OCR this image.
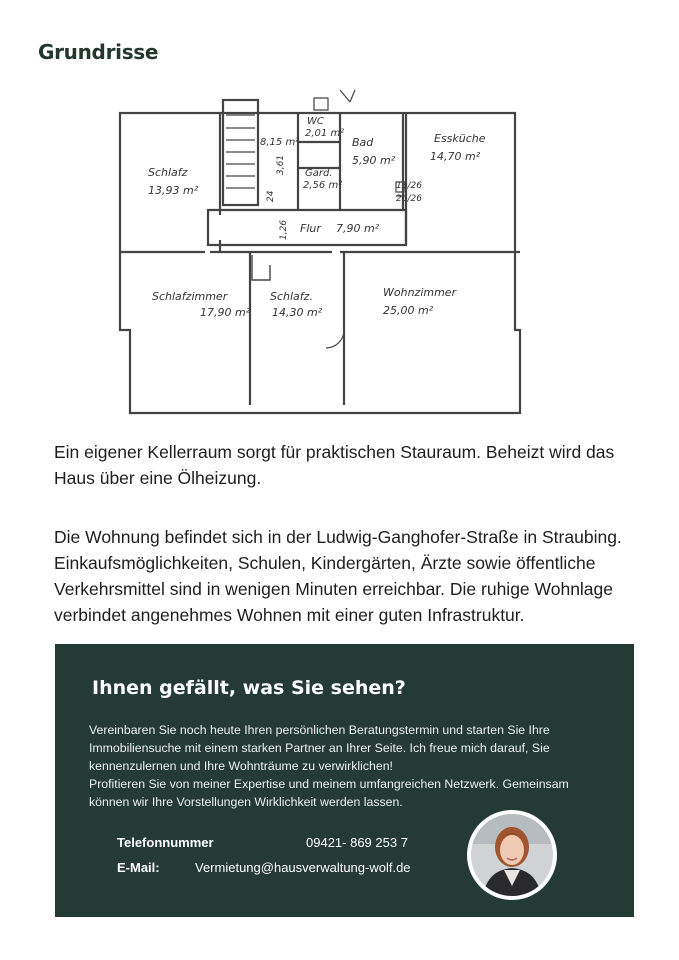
Grundrisse
Schlafz
13,93 m²
8,15 m²
WC
2,01 m²
Gard.
2,56 m²
Bad
5,90 m²
Essküche
14,70 m²
Flur 7,90 m²
Schlafzimmer
17,90 m²
Schlafz.
14,30 m²
Wohnzimmer
25,00 m²
3,61
24
1,26
13/26
26/26

Ein eigener Kellerraum sorgt für praktischen Stauraum. Beheizt wird das Haus über eine Ölheizung.

Die Wohnung befindet sich in der Ludwig-Ganghofer-Straße in Straubing. Einkaufsmöglichkeiten, Schulen, Kindergärten, Ärzte sowie öffentliche Verkehrsmittel sind in wenigen Minuten erreichbar. Die ruhige Wohnlage verbindet angenehmes Wohnen mit einer guten Infrastruktur.

Ihnen gefällt, was Sie sehen?

Vereinbaren Sie noch heute Ihren persönlichen Beratungstermin und starten Sie Ihre Immobiliensuche mit einem starken Partner an Ihrer Seite. Ich freue mich darauf, Sie kennenzulernen und Ihre Wohnträume zu verwirklichen!

Profitieren Sie von meiner Expertise und meinem umfangreichen Netzwerk. Gemeinsam können wir Ihre Vorstellungen Wirklichkeit werden lassen.

Telefonnummer	09421- 869 253 7
E-Mail:	Vermietung@hausverwaltung-wolf.de
